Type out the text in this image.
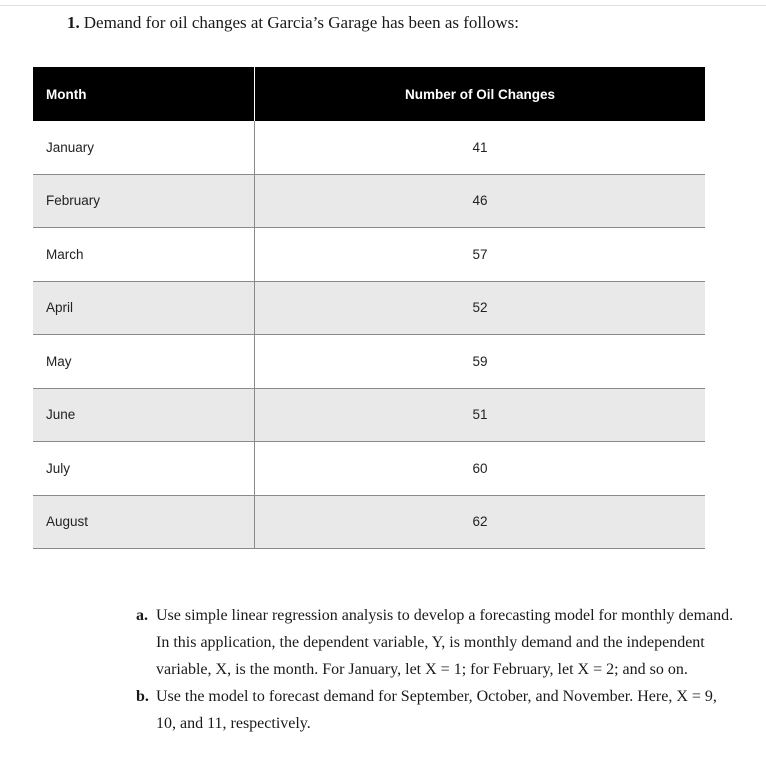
1. Demand for oil changes at Garcia’s Garage has been as follows:
Month	Number of Oil Changes
January	41
February	46
March	57
April	52
May	59
June	51
July	60
August	62
a. Use simple linear regression analysis to develop a forecasting model for monthly demand. In this application, the dependent variable, Y, is monthly demand and the independent variable, X, is the month. For January, let X = 1; for February, let X = 2; and so on.
b. Use the model to forecast demand for September, October, and November. Here, X = 9, 10, and 11, respectively.
